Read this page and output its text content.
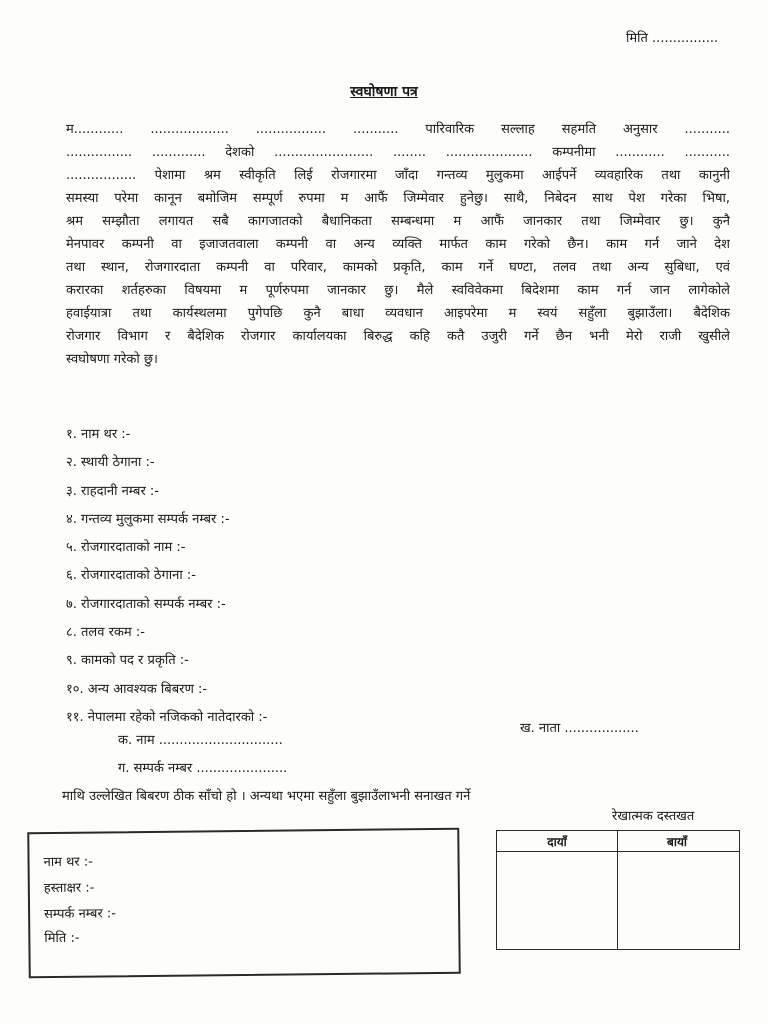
मिति ................
स्वघोषणा पत्र
म............ ................... ................. ........... पारिवारिक सल्लाह सहमति अनुसार ...........
................ ............. देशको ........................ ........ ..................... कम्पनीमा ............ ...........
................. पेशामा श्रम स्वीकृति लिई रोजगारमा जाँदा गन्तव्य मुलुकमा आईपर्ने व्यवहारिक तथा कानुनी
समस्या परेमा कानून बमोजिम सम्पूर्ण रुपमा म आफैं जिम्मेवार हुनेछु। साथै, निबेदन साथ पेश गरेका भिषा,
श्रम सम्झौता लगायत सबै कागजातको बैधानिकता सम्बन्धमा म आफैं जानकार तथा जिम्मेवार छु। कुनै
मेनपावर कम्पनी वा इजाजतवाला कम्पनी वा अन्य व्यक्ति मार्फत काम गरेको छैन। काम गर्न जाने देश
तथा स्थान, रोजगारदाता कम्पनी वा परिवार, कामको प्रकृति, काम गर्ने घण्टा, तलव तथा अन्य सुबिधा, एवं
करारका शर्तहरुका विषयमा म पूर्णरुपमा जानकार छु। मैले स्वविवेकमा बिदेशमा काम गर्न जान लागेकोले
हवाईयात्रा तथा कार्यस्थलमा पुगेपछि कुनै बाधा व्यवधान आइपरेमा म स्वयं सहुँला बुझाउँला। बैदेशिक
रोजगार विभाग र बैदेशिक रोजगार कार्यालयका बिरुद्ध कहि कतै उजुरी गर्ने छैन भनी मेरो राजी खुसीले
स्वघोषणा गरेको छु।
१. नाम थर :-
२. स्थायी ठेगाना :-
३. राहदानी नम्बर :-
४. गन्तव्य मुलुकमा सम्पर्क नम्बर :-
५. रोजगारदाताको नाम :-
६. रोजगारदाताको ठेगाना :-
७. रोजगारदाताको सम्पर्क नम्बर :-
८. तलव रकम :-
९. कामको पद र प्रकृति :-
१०. अन्य आवश्यक बिबरण :-
११. नेपालमा रहेको नजिकको नातेदारको :-
ख. नाता ..................
क. नाम ..............................
ग. सम्पर्क नम्बर ......................
माथि उल्लेखित बिबरण ठीक साँचो हो । अन्यथा भएमा सहुँला बुझाउँलाभनी सनाखत गर्ने
रेखात्मक दस्तखत
नाम थर :-
हस्ताक्षर :-
सम्पर्क नम्बर :-
मिति :-
दायाँ	बायाँ
